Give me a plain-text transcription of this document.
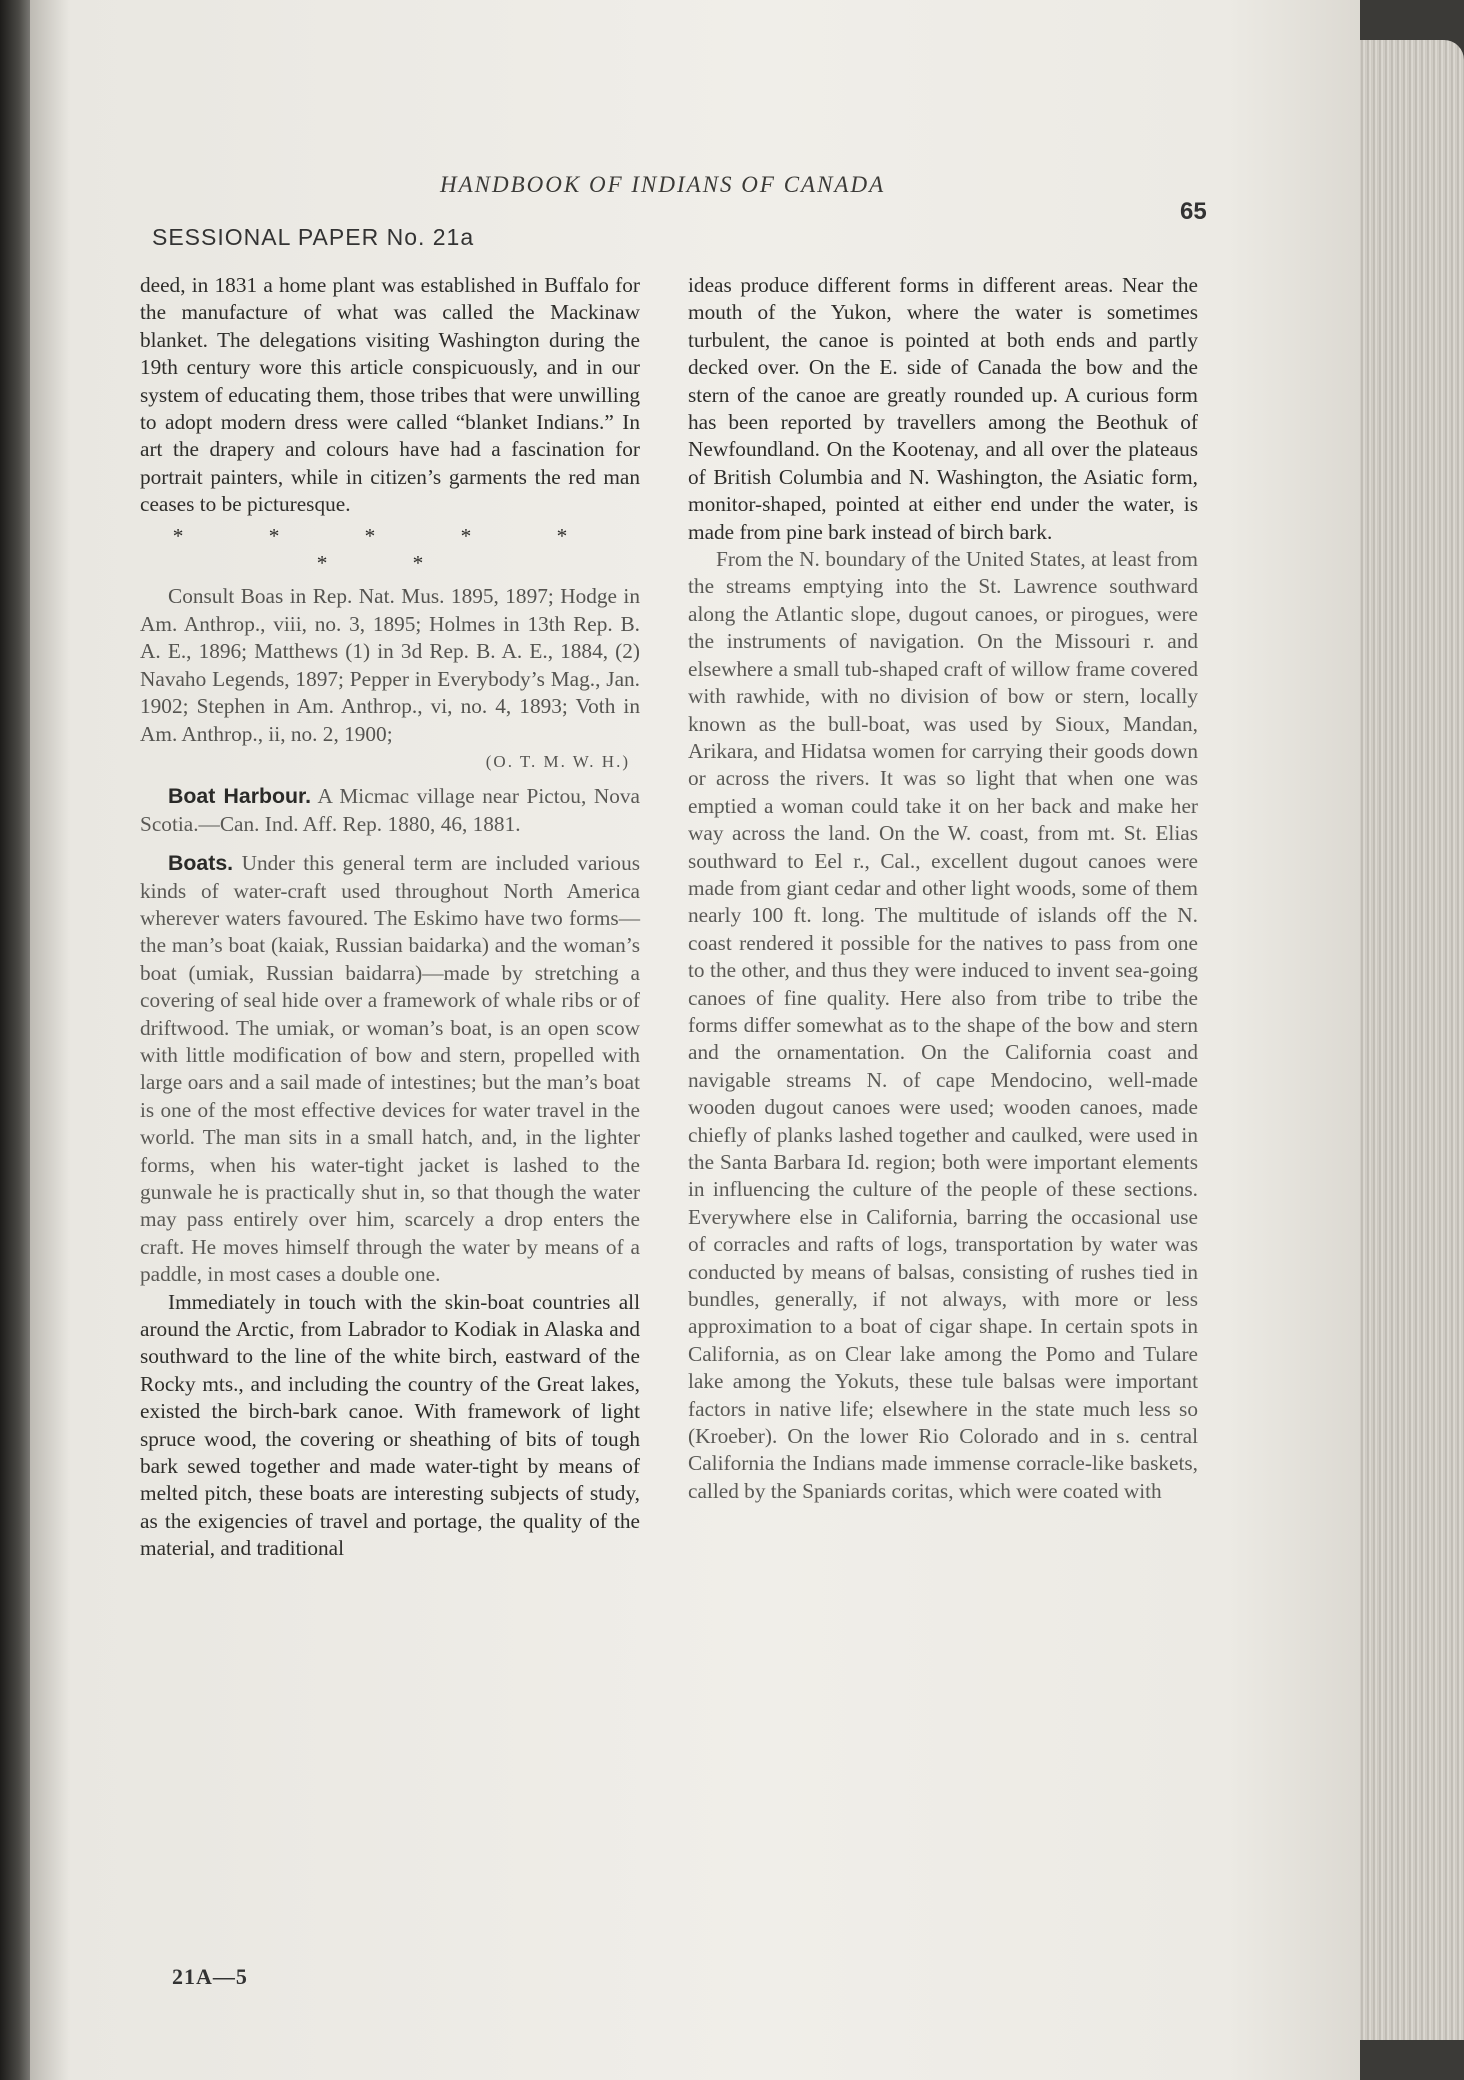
HANDBOOK OF INDIANS OF CANADA
65
SESSIONAL PAPER No. 21a

deed, in 1831 a home plant was established in Buffalo for the manufacture of what was called the Mackinaw blanket. The delegations visiting Washington during the 19th century wore this article conspicuously, and in our system of educating them, those tribes that were unwilling to adopt modern dress were called “blanket Indians.” In art the drapery and colours have had a fascination for portrait painters, while in citizen’s garments the red man ceases to be picturesque.

* * * * * * *

Consult Boas in Rep. Nat. Mus. 1895, 1897; Hodge in Am. Anthrop., viii, no. 3, 1895; Holmes in 13th Rep. B. A. E., 1896; Matthews (1) in 3d Rep. B. A. E., 1884, (2) Navaho Legends, 1897; Pepper in Everybody’s Mag., Jan. 1902; Stephen in Am. Anthrop., vi, no. 4, 1893; Voth in Am. Anthrop., ii, no. 2, 1900;

(O. T. M. W. H.)

Boat Harbour. A Micmac village near Pictou, Nova Scotia.—Can. Ind. Aff. Rep. 1880, 46, 1881.

Boats. Under this general term are included various kinds of water-craft used throughout North America wherever waters favoured. The Eskimo have two forms—the man’s boat (kaiak, Russian baidarka) and the woman’s boat (umiak, Russian baidarra)—made by stretching a covering of seal hide over a framework of whale ribs or of driftwood. The umiak, or woman’s boat, is an open scow with little modification of bow and stern, propelled with large oars and a sail made of intestines; but the man’s boat is one of the most effective devices for water travel in the world. The man sits in a small hatch, and, in the lighter forms, when his water-tight jacket is lashed to the gunwale he is practically shut in, so that though the water may pass entirely over him, scarcely a drop enters the craft. He moves himself through the water by means of a paddle, in most cases a double one.

Immediately in touch with the skin-boat countries all around the Arctic, from Labrador to Kodiak in Alaska and southward to the line of the white birch, eastward of the Rocky mts., and including the country of the Great lakes, existed the birch-bark canoe. With framework of light spruce wood, the covering or sheathing of bits of tough bark sewed together and made water-tight by means of melted pitch, these boats are interesting subjects of study, as the exigencies of travel and portage, the quality of the material, and traditional

ideas produce different forms in different areas. Near the mouth of the Yukon, where the water is sometimes turbulent, the canoe is pointed at both ends and partly decked over. On the E. side of Canada the bow and the stern of the canoe are greatly rounded up. A curious form has been reported by travellers among the Beothuk of Newfoundland. On the Kootenay, and all over the plateaus of British Columbia and N. Washington, the Asiatic form, monitor-shaped, pointed at either end under the water, is made from pine bark instead of birch bark.

From the N. boundary of the United States, at least from the streams emptying into the St. Lawrence southward along the Atlantic slope, dugout canoes, or pirogues, were the instruments of navigation. On the Missouri r. and elsewhere a small tub-shaped craft of willow frame covered with rawhide, with no division of bow or stern, locally known as the bull-boat, was used by Sioux, Mandan, Arikara, and Hidatsa women for carrying their goods down or across the rivers. It was so light that when one was emptied a woman could take it on her back and make her way across the land. On the W. coast, from mt. St. Elias southward to Eel r., Cal., excellent dugout canoes were made from giant cedar and other light woods, some of them nearly 100 ft. long. The multitude of islands off the N. coast rendered it possible for the natives to pass from one to the other, and thus they were induced to invent sea-going canoes of fine quality. Here also from tribe to tribe the forms differ somewhat as to the shape of the bow and stern and the ornamentation. On the California coast and navigable streams N. of cape Mendocino, well-made wooden dugout canoes were used; wooden canoes, made chiefly of planks lashed together and caulked, were used in the Santa Barbara Id. region; both were important elements in influencing the culture of the people of these sections. Everywhere else in California, barring the occasional use of corracles and rafts of logs, transportation by water was conducted by means of balsas, consisting of rushes tied in bundles, generally, if not always, with more or less approximation to a boat of cigar shape. In certain spots in California, as on Clear lake among the Pomo and Tulare lake among the Yokuts, these tule balsas were important factors in native life; elsewhere in the state much less so (Kroeber). On the lower Rio Colorado and in s. central California the Indians made immense corracle-like baskets, called by the Spaniards coritas, which were coated with

21A—5
